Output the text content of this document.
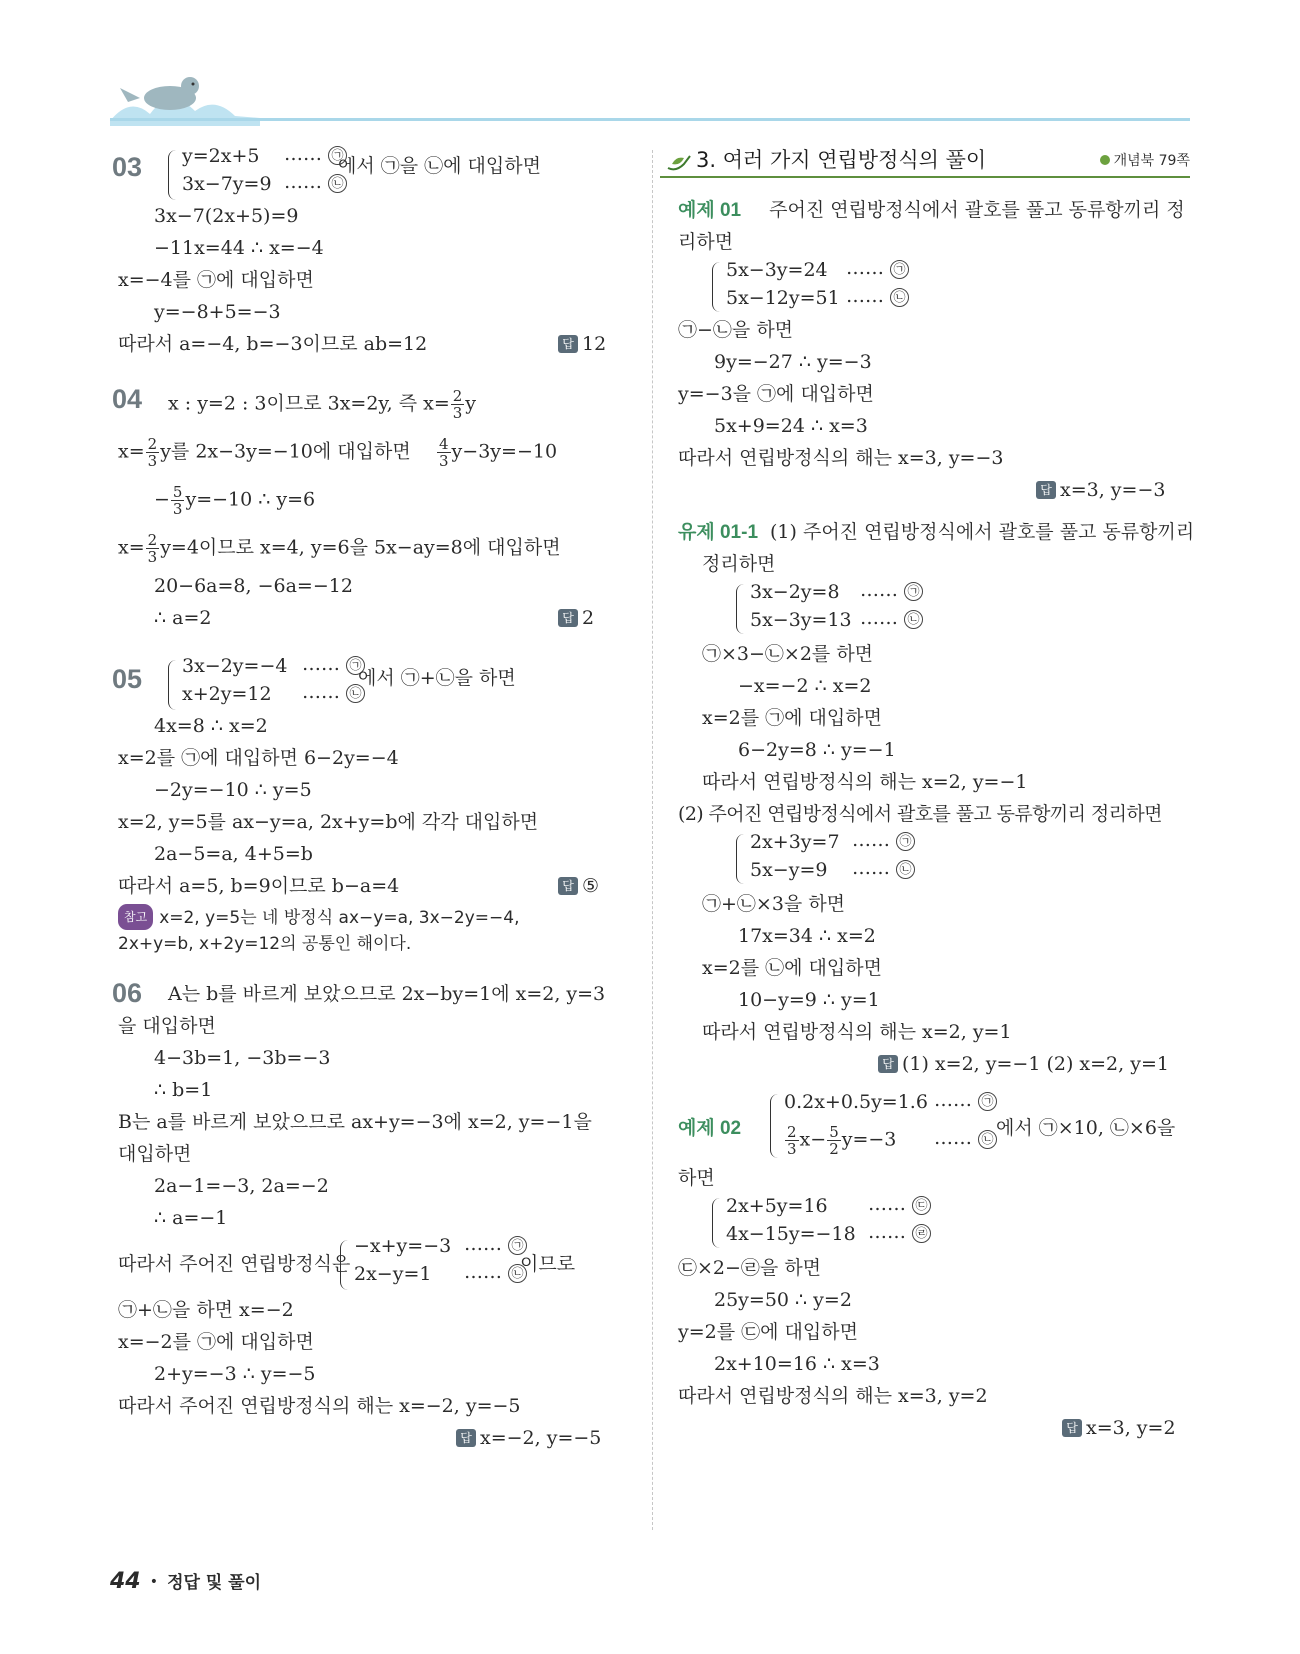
03 y=2x+5
3x−7y=9
…… ㉠
…… ㉡
에서 ㉠을 ㉡에 대입하면
3x−7(2x+5)=9
−11x=44 ∴ x=−4
x=−4를 ㉠에 대입하면
y=−8+5=−3
따라서 a=−4, b=−3이므로 ab=12	답 12
04 x : y=2 : 3이므로 3x=2y, 즉 $x= \frac{2}{3}$ y
$x= \frac{2}{3}$ y를 2x−3y=−10에 대입하면 $\frac{4}{3} y-3y=-10$
− $\frac{5}{3} y=-10$ ∴ y=6
$x= \frac{2}{3} y=4$이므로 x=4, y=6을 5x−ay=8에 대입하면
20−6a=8, −6a=−12
∴ a=2	답 2
05 3x−2y=−4
x+2y=12
…… ㉠
…… ㉡
에서 ㉠+㉡을 하면
4x=8 ∴ x=2
x=2를 ㉠에 대입하면 6−2y=−4
−2y=−10 ∴ y=5
x=2, y=5를 ax−y=a, 2x+y=b에 각각 대입하면
2a−5=a, 4+5=b
따라서 a=5, b=9이므로 b−a=4	답 ⑤
참고 x=2, y=5는 네 방정식 ax−y=a, 3x−2y=−4,
2x+y=b, x+2y=12의 공통인 해이다.
06 A는 b를 바르게 보았으므로 2x−by=1에 x=2, y=3
을 대입하면
4−3b=1, −3b=−3
∴ b=1
B는 a를 바르게 보았으므로 ax+y=−3에 x=2, y=−1을
대입하면
2a−1=−3, 2a=−2
∴ a=−1
따라서 주어진 연립방정식은
−x+y=−3
2x−y=1
…… ㉠
…… ㉡
이므로
㉠+㉡을 하면 x=−2
x=−2를 ㉠에 대입하면
2+y=−3 ∴ y=−5
따라서 주어진 연립방정식의 해는 x=−2, y=−5
답 x=−2, y=−5
3. 여러 가지 연립방정식의 풀이	개념북 79쪽
예제 01 주어진 연립방정식에서 괄호를 풀고 동류항끼리 정
리하면
5x−3y=24
5x−12y=51
…… ㉠
…… ㉡
㉠−㉡을 하면
9y=−27 ∴ y=−3
y=−3을 ㉠에 대입하면
5x+9=24 ∴ x=3
따라서 연립방정식의 해는 x=3, y=−3
답 x=3, y=−3
유제 01-1 (1) 주어진 연립방정식에서 괄호를 풀고 동류항끼리
정리하면
3x−2y=8
5x−3y=13
…… ㉠
…… ㉡
㉠×3−㉡×2를 하면
−x=−2 ∴ x=2
x=2를 ㉠에 대입하면
6−2y=8 ∴ y=−1
따라서 연립방정식의 해는 x=2, y=−1
(2) 주어진 연립방정식에서 괄호를 풀고 동류항끼리 정리하면
2x+3y=7
5x−y=9
…… ㉠
…… ㉡
㉠+㉡×3을 하면
17x=34 ∴ x=2
x=2를 ㉡에 대입하면
10−y=9 ∴ y=1
따라서 연립방정식의 해는 x=2, y=1
답 (1) x=2, y=−1 (2) x=2, y=1
예제 02
0.2x+0.5y=1.6
$\frac{2}{3} x- \frac{5}{2} y=-3$
…… ㉠
…… ㉡ 에서 ㉠×10, ㉡×6을
하면
2x+5y=16
4x−15y=−18
…… ㉢
…… ㉣
㉢×2−㉣을 하면
25y=50 ∴ y=2
y=2를 ㉢에 대입하면
2x+10=16 ∴ x=3
따라서 연립방정식의 해는 x=3, y=2
답 x=3, y=2
44 • 정답 및 풀이
